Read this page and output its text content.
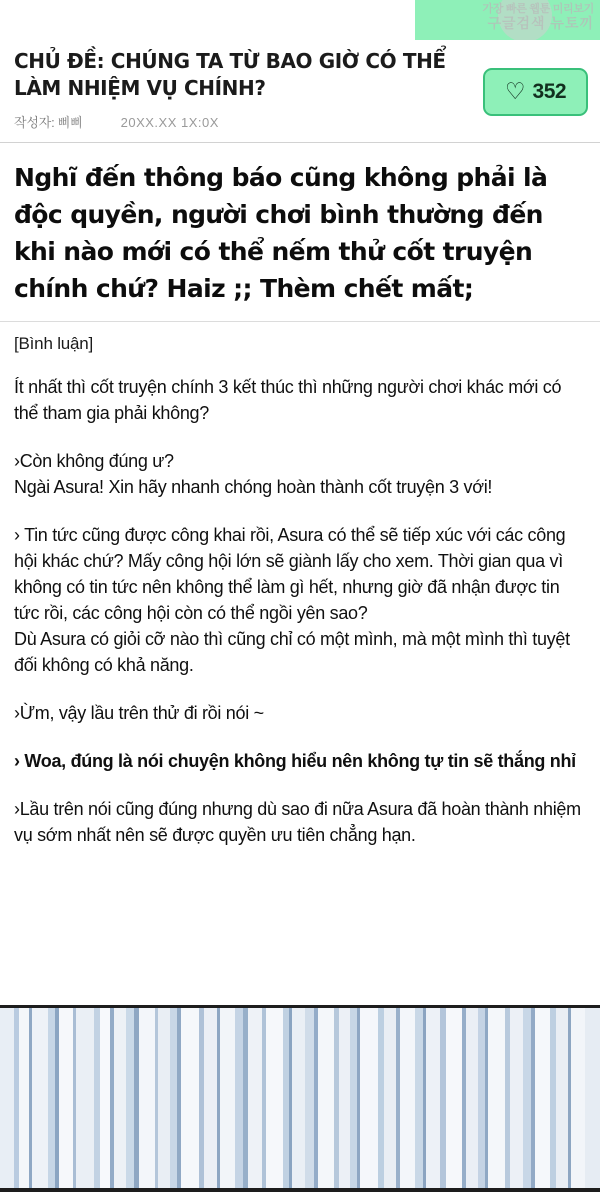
가장 빠른 웹툰 미리보기
구글검색 뉴토끼
CHỦ ĐỀ: CHÚNG TA TỪ BAO GIỜ CÓ THỂ LÀM NHIỆM VỤ CHÍNH?
작성자: 삐삐	20XX.XX 1X:0X
♡ 352
Nghĩ đến thông báo cũng không phải là độc quyền, người chơi bình thường đến khi nào mới có thể nếm thử cốt truyện chính chứ? Haiz ;; Thèm chết mất;
[Bình luận]

Ít nhất thì cốt truyện chính 3 kết thúc thì những người chơi khác mới có thể tham gia phải không?

›Còn không đúng ư?

Ngài Asura! Xin hãy nhanh chóng hoàn thành cốt truyện 3 với!

› Tin tức cũng được công khai rồi, Asura có thể sẽ tiếp xúc với các công hội khác chứ? Mấy công hội lớn sẽ giành lấy cho xem. Thời gian qua vì không có tin tức nên không thể làm gì hết, nhưng giờ đã nhận được tin tức rồi, các công hội còn có thể ngồi yên sao?

Dù Asura có giỏi cỡ nào thì cũng chỉ có một mình, mà một mình thì tuyệt đối không có khả năng.

›Ừm, vậy lầu trên thử đi rồi nói ~

› Woa, đúng là nói chuyện không hiểu nên không tự tin sẽ thắng nhỉ

›Lầu trên nói cũng đúng nhưng dù sao đi nữa Asura đã hoàn thành nhiệm vụ sớm nhất nên sẽ được quyền ưu tiên chẳng hạn.
